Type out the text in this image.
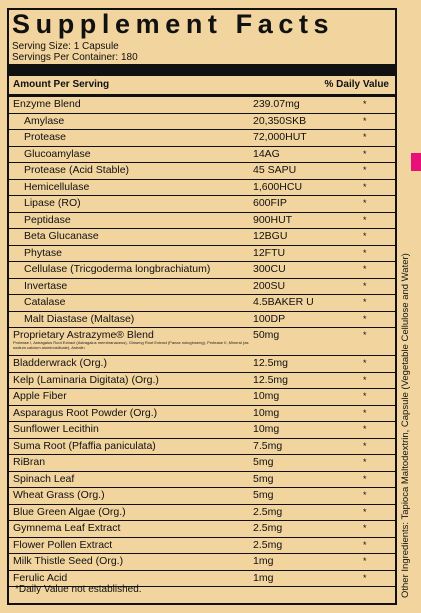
Supplement Facts
Serving Size: 1 Capsule
Servings Per Container: 180
Amount Per Serving	% Daily Value
Enzyme Blend	239.07mg	*
Amylase	20,350SKB	*
Protease	72,000HUT	*
Glucoamylase	14AG	*
Protease (Acid Stable)	45 SAPU	*
Hemicellulase	1,600HCU	*
Lipase (RO)	600FIP	*
Peptidase	900HUT	*
Beta Glucanase	12BGU	*
Phytase	12FTU	*
Cellulase (Tricgoderma longbrachiatum)	300CU	*
Invertase	200SU	*
Catalase	4.5BAKER U	*
Malt Diastase (Maltase)	100DP	*
Proprietary Astrazyme® Blend	50mg	*
Protease I, Astragalus Root Extract (Astragalus membranaceus), Ginseng Root Extract (Panax notoginseng), Protease II, Mineral (as sodium calcium aluminosilicate), Astralin
Bladderwrack (Org.)	12.5mg	*
Kelp (Laminaria Digitata) (Org.)	12.5mg	*
Apple Fiber	10mg	*
Asparagus Root Powder (Org.)	10mg	*
Sunflower Lecithin	10mg	*
Suma Root (Pfaffia paniculata)	7.5mg	*
RiBran	5mg	*
Spinach Leaf	5mg	*
Wheat Grass (Org.)	5mg	*
Blue Green Algae (Org.)	2.5mg	*
Gymnema Leaf Extract	2.5mg	*
Flower Pollen Extract	2.5mg	*
Milk Thistle Seed (Org.)	1mg	*
Ferulic Acid	1mg	*
*Daily Value not established.	Other Ingredients: Tapioca Maltodextrin, Capsule (Vegetable Cellulose and Water)
